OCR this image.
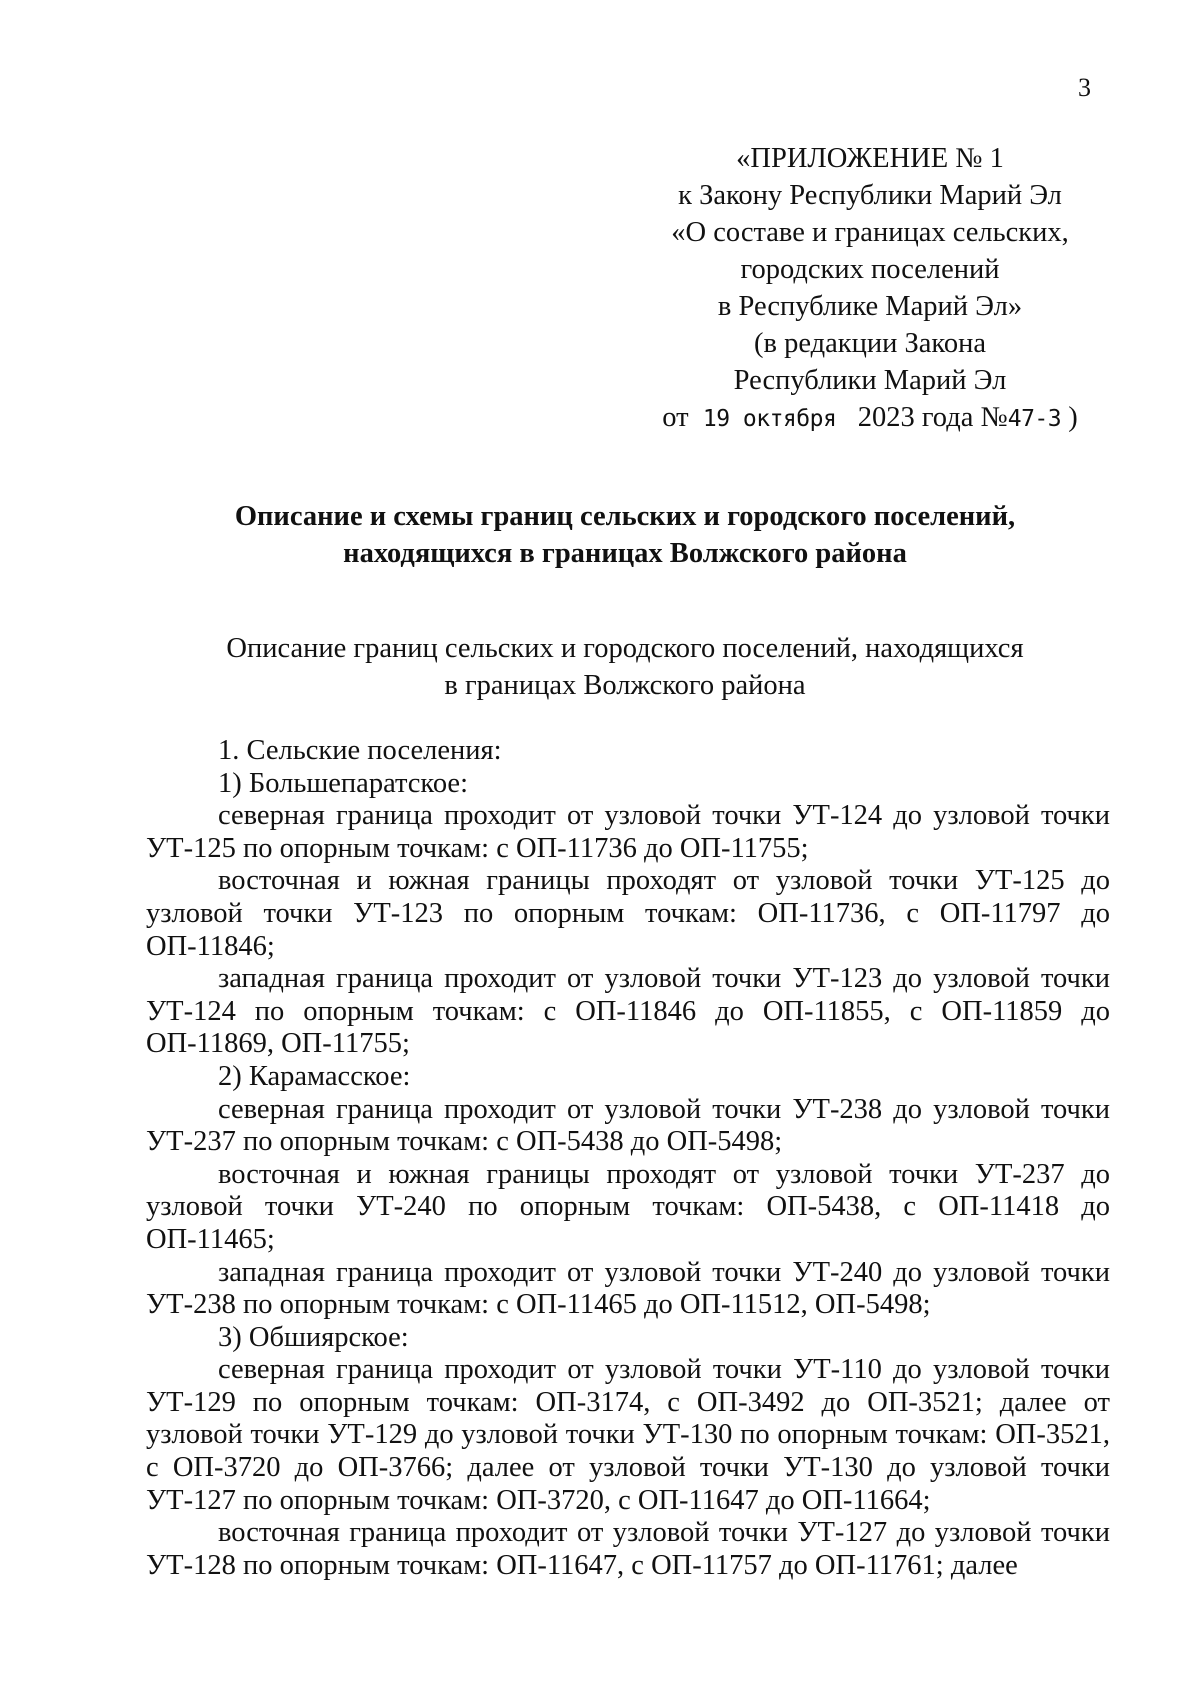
3
«ПРИЛОЖЕНИЕ № 1
к Закону Республики Марий Эл
«О составе и границах сельских,
городских поселений
в Республике Марий Эл»
(в редакции Закона
Республики Марий Эл
от 19 октября 2023 года №47-З )
Описание и схемы границ сельских и городского поселений,
находящихся в границах Волжского района
Описание границ сельских и городского поселений, находящихся
в границах Волжского района

1. Сельские поселения:

1) Большепаратское:

северная граница проходит от узловой точки УТ-124 до узловой точки УТ-125 по опорным точкам: с ОП-11736 до ОП-11755;

восточная и южная границы проходят от узловой точки УТ-125 до узловой точки УТ-123 по опорным точкам: ОП-11736, с ОП-11797 до ОП-11846;

западная граница проходит от узловой точки УТ-123 до узловой точки УТ-124 по опорным точкам: с ОП-11846 до ОП-11855, с ОП-11859 до ОП-11869, ОП-11755;

2) Карамасское:

северная граница проходит от узловой точки УТ-238 до узловой точки УТ-237 по опорным точкам: с ОП-5438 до ОП-5498;

восточная и южная границы проходят от узловой точки УТ-237 до узловой точки УТ-240 по опорным точкам: ОП-5438, с ОП-11418 до ОП-11465;

западная граница проходит от узловой точки УТ-240 до узловой точки УТ-238 по опорным точкам: с ОП-11465 до ОП-11512, ОП-5498;

3) Обшиярское:

северная граница проходит от узловой точки УТ-110 до узловой точки УТ-129 по опорным точкам: ОП-3174, с ОП-3492 до ОП-3521; далее от узловой точки УТ-129 до узловой точки УТ-130 по опорным точкам: ОП-3521, с ОП-3720 до ОП-3766; далее от узловой точки УТ-130 до узловой точки УТ-127 по опорным точкам: ОП-3720, с ОП-11647 до ОП-11664;

восточная граница проходит от узловой точки УТ-127 до узловой точки УТ-128 по опорным точкам: ОП-11647, с ОП-11757 до ОП-11761; далее
